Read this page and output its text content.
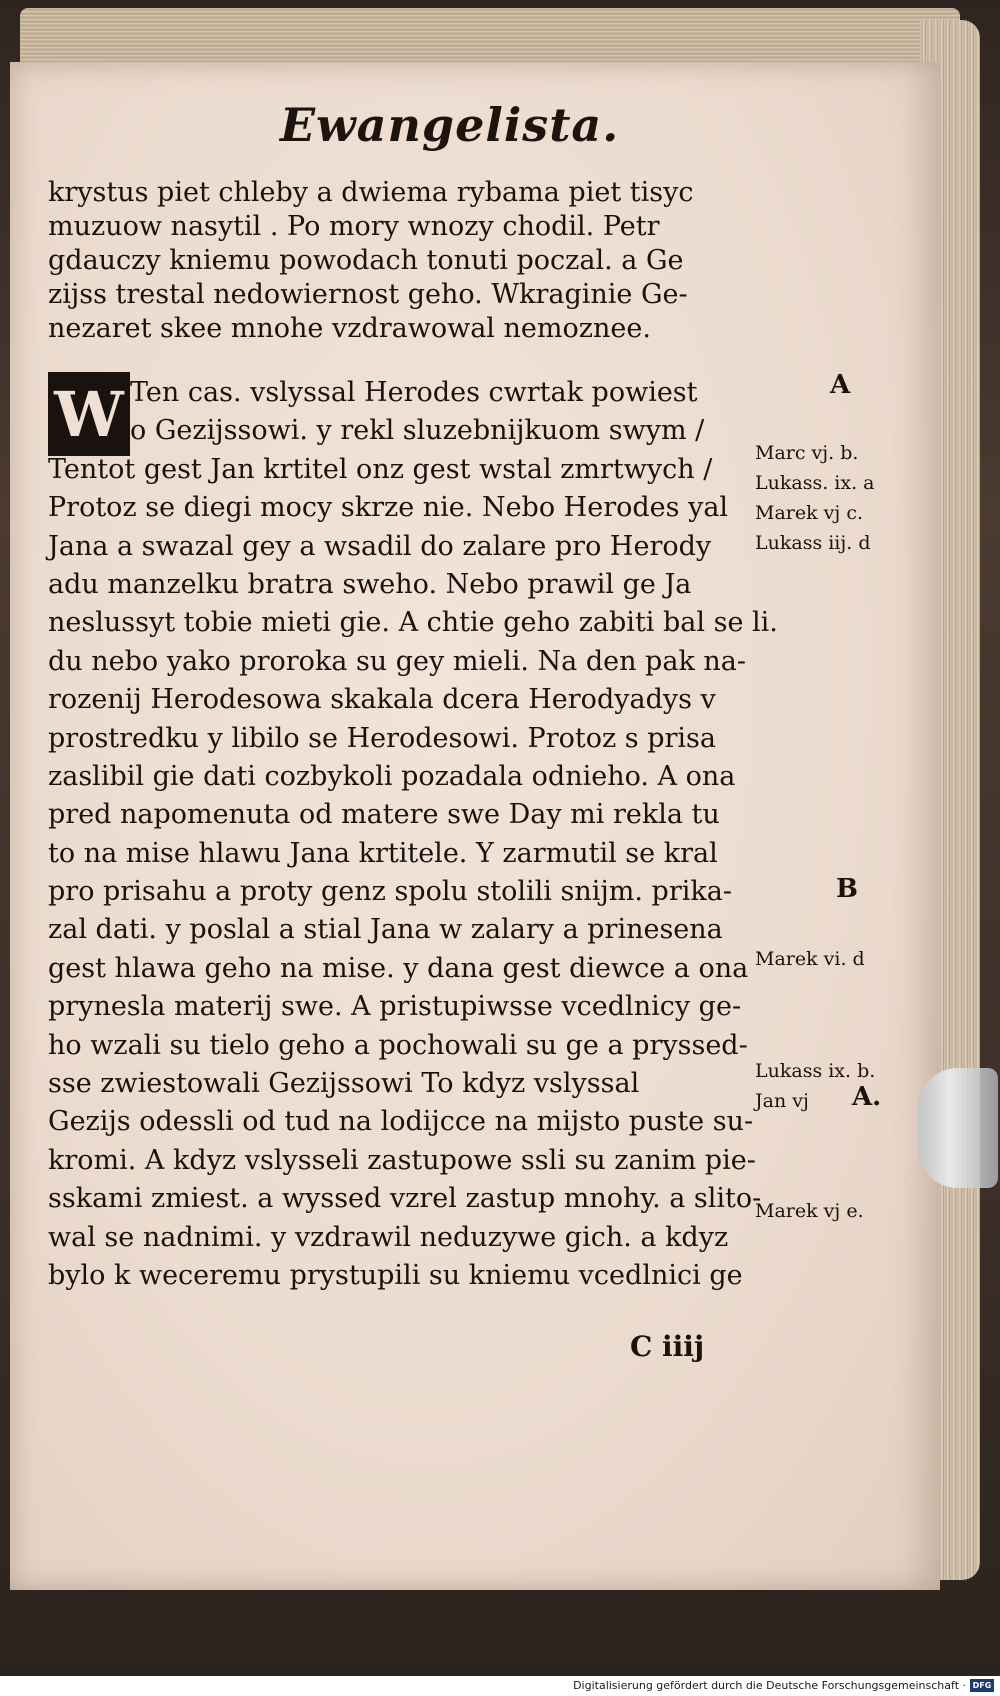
Ewangelista.
krystus piet chleby a dwiema rybama piet tisyc
muzuow nasytil . Po mory wnozy chodil. Petr
gdauczy kniemu powodach tonuti poczal. a Ge
zijss trestal nedowiernost geho. Wkraginie Ge-
nezaret skee mnohe vzdrawowal nemoznee.
W Ten cas. vslyssal Herodes cwrtak powiest
o Gezijssowi. y rekl sluzebnijkuom swym /
Tentot gest Jan krtitel onz gest wstal zmrtwych /
Protoz se diegi mocy skrze nie. Nebo Herodes yal
Jana a swazal gey a wsadil do zalare pro Herody
adu manzelku bratra sweho. Nebo prawil ge Ja
neslussyt tobie mieti gie. A chtie geho zabiti bal se li.
du nebo yako proroka su gey mieli. Na den pak na-
rozenij Herodesowa skakala dcera Herodyadys v
prostredku y libilo se Herodesowi. Protoz s prisa
zaslibil gie dati cozbykoli pozadala odnieho. A ona
pred napomenuta od matere swe Day mi rekla tu
to na mise hlawu Jana krtitele. Y zarmutil se kral
pro prisahu a proty genz spolu stolili snijm. prika-
zal dati. y poslal a stial Jana w zalary a prinesena
gest hlawa geho na mise. y dana gest diewce a ona
prynesla materij swe. A pristupiwsse vcedlnicy ge-
ho wzali su tielo geho a pochowali su ge a pryssed-
sse zwiestowali Gezijssowi To kdyz vslyssal
Gezijs odessli od tud na lodijcce na mijsto puste su-
kromi. A kdyz vslysseli zastupowe ssli su zanim pie-
sskami zmiest. a wyssed vzrel zastup mnohy. a slito-
wal se nadnimi. y vzdrawil neduzywe gich. a kdyz
bylo k weceremu prystupili su kniemu vcedlnici ge
A
Marc vj. b.
Lukass. ix. a
Marek vj c.
Lukass iij. d
B
Marek vi. d
Lukass ix. b.
Jan vj A.
Marek vj e.
C iiij
Digitalisierung gefördert durch die Deutsche Forschungsgemeinschaft · DFG
